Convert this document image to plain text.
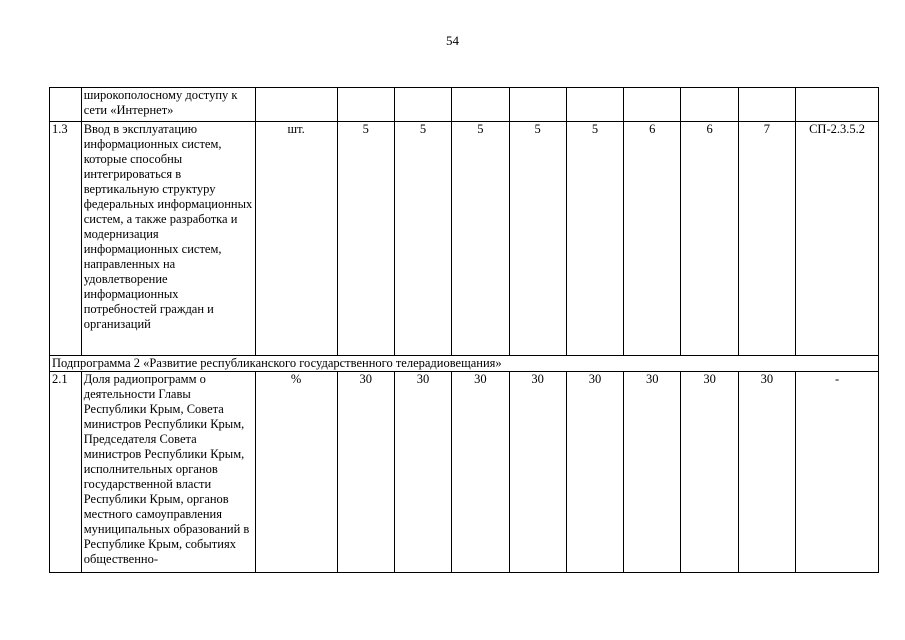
54
	широкополосному доступу к сети «Интернет»										
1.3	Ввод в эксплуатацию информационных систем, которые способны интегрироваться в вертикальную структуру федеральных информационных систем, а также разработка и модернизация информационных систем, направленных на удовлетворение информационных потребностей граждан и организаций	шт.	5	5	5	5	5	6	6	7	СП-2.3.5.2
Подпрограмма 2 «Развитие республиканского государственного телерадиовещания»											
2.1	Доля радиопрограмм о деятельности Главы Республики Крым, Совета министров Республики Крым, Председателя Совета министров Республики Крым, исполнительных органов государственной власти Республики Крым, органов местного самоуправления муниципальных образований в Республике Крым, событиях общественно-	%	30	30	30	30	30	30	30	30	-
